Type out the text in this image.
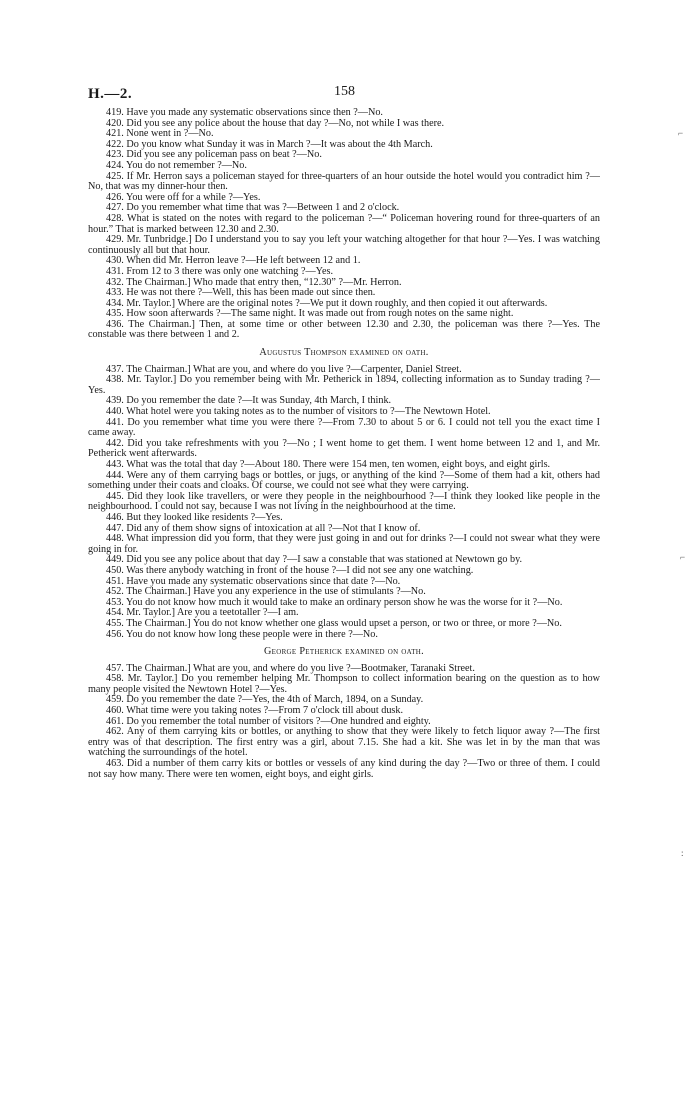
H.—2.	158
⌐
⌐
:

419. Have you made any systematic observations since then ?—No.

420. Did you see any police about the house that day ?—No, not while I was there.

421. None went in ?—No.

422. Do you know what Sunday it was in March ?—It was about the 4th March.

423. Did you see any policeman pass on beat ?—No.

424. You do not remember ?—No.

425. If Mr. Herron says a policeman stayed for three-quarters of an hour outside the hotel would you contradict him ?—No, that was my dinner-hour then.

426. You were off for a while ?—Yes.

427. Do you remember what time that was ?—Between 1 and 2 o'clock.

428. What is stated on the notes with regard to the policeman ?—“ Policeman hovering round for three-quarters of an hour.” That is marked between 12.30 and 2.30.

429. Mr. Tunbridge.] Do I understand you to say you left your watching altogether for that hour ?—Yes. I was watching continuously all but that hour.

430. When did Mr. Herron leave ?—He left between 12 and 1.

431. From 12 to 3 there was only one watching ?—Yes.

432. The Chairman.] Who made that entry then, “12.30” ?—Mr. Herron.

433. He was not there ?—Well, this has been made out since then.

434. Mr. Taylor.] Where are the original notes ?—We put it down roughly, and then copied it out afterwards.

435. How soon afterwards ?—The same night. It was made out from rough notes on the same night.

436. The Chairman.] Then, at some time or other between 12.30 and 2.30, the policeman was there ?—Yes. The constable was there between 1 and 2.

Augustus Thompson examined on oath.

437. The Chairman.] What are you, and where do you live ?—Carpenter, Daniel Street.

438. Mr. Taylor.] Do you remember being with Mr. Petherick in 1894, collecting information as to Sunday trading ?—Yes.

439. Do you remember the date ?—It was Sunday, 4th March, I think.

440. What hotel were you taking notes as to the number of visitors to ?—The Newtown Hotel.

441. Do you remember what time you were there ?—From 7.30 to about 5 or 6. I could not tell you the exact time I came away.

442. Did you take refreshments with you ?—No ; I went home to get them. I went home between 12 and 1, and Mr. Petherick went afterwards.

443. What was the total that day ?—About 180. There were 154 men, ten women, eight boys, and eight girls.

444. Were any of them carrying bags or bottles, or jugs, or anything of the kind ?—Some of them had a kit, others had something under their coats and cloaks. Of course, we could not see what they were carrying.

445. Did they look like travellers, or were they people in the neighbourhood ?—I think they looked like people in the neighbourhood. I could not say, because I was not living in the neighbourhood at the time.

446. But they looked like residents ?—Yes.

447. Did any of them show signs of intoxication at all ?—Not that I know of.

448. What impression did you form, that they were just going in and out for drinks ?—I could not swear what they were going in for.

449. Did you see any police about that day ?—I saw a constable that was stationed at Newtown go by.

450. Was there anybody watching in front of the house ?—I did not see any one watching.

451. Have you made any systematic observations since that date ?—No.

452. The Chairman.] Have you any experience in the use of stimulants ?—No.

453. You do not know how much it would take to make an ordinary person show he was the worse for it ?—No.

454. Mr. Taylor.] Are you a teetotaller ?—I am.

455. The Chairman.] You do not know whether one glass would upset a person, or two or three, or more ?—No.

456. You do not know how long these people were in there ?—No.

George Petherick examined on oath.

457. The Chairman.] What are you, and where do you live ?—Bootmaker, Taranaki Street.

458. Mr. Taylor.] Do you remember helping Mr. Thompson to collect information bearing on the question as to how many people visited the Newtown Hotel ?—Yes.

459. Do you remember the date ?—Yes, the 4th of March, 1894, on a Sunday.

460. What time were you taking notes ?—From 7 o'clock till about dusk.

461. Do you remember the total number of visitors ?—One hundred and eighty.

462. Any of them carrying kits or bottles, or anything to show that they were likely to fetch liquor away ?—The first entry was of that description. The first entry was a girl, about 7.15. She had a kit. She was let in by the man that was watching the surroundings of the hotel.

463. Did a number of them carry kits or bottles or vessels of any kind during the day ?—Two or three of them. I could not say how many. There were ten women, eight boys, and eight girls.
